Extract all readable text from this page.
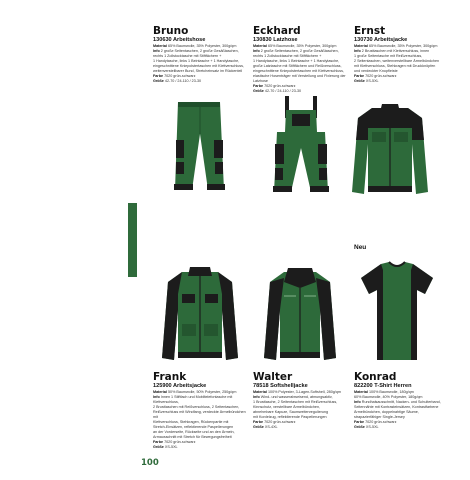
Bruno
130630 Arbeitshose
Material 65% Baumwolle, 35% Polyester, 300g/qm
Info 2 große Seitentaschen, 2 große Gesäßtaschen,
rechts 1 Zollstocktasche mit Stiftfächern +
1 Handytasche, links 1 Beintasche + 1 Handytasche,
eingeschnittene Kniepolstertaschen mit Klettverschluss,
weitenverstellbarer Bund, Stretcheinsatz im Rückenteil
Farbe 7020 grün-schwarz
Größe 42-70 / 24-110 / 23-30
Eckhard
130830 Latzhose
Material 65% Baumwolle, 35% Polyester, 300g/qm
Info 2 große Seitentaschen, 2 große Gesäßtaschen,
rechts 1 Zollstocktasche mit Stiftfächern +
1 Handytasche, links 1 Beintasche + 1 Handytasche,
große Latztasche mit Stiftfächern und Reißverschluss,
eingeschnittene Kniepolstertaschen mit Klettverschluss,
elastische Hosenträger mit Verstellung und Fixierung der
Latzhose
Farbe 7020 grün-schwarz
Größe 42-70 / 24-110 / 23-30
Ernst
130730 Arbeitsjacke
Material 65% Baumwolle, 35% Polyester, 300g/qm
Info 2 Brusttaschen mit Klettverschluss, innen
1 große Seitentasche mit Reißverschluss,
2 Seitentaschen, weitenverstellbare Ärmelbündchen
mit Klettverschluss, Stehkragen mit Druckknöpfen
und verdeckter Knopfleiste
Farbe 7020 grün-schwarz
Größe XS-5XL
Frank
125900 Arbeitsjacke
Material 50% Baumwolle, 50% Polyester, 250g/qm
Info Innen 1 Stiftfach und Mobiltelefontasche mit Klettverschluss,
2 Brusttaschen mit Reißverschluss, 2 Seitentaschen,
Reißverschluss mit Windfang, verdeckte Ärmelbündchen mit
Klettverschluss, Stehkragen, Rückenpartie mit
Stretch-Einsätzen, reflektierende Paspelierungen
an der Vorderseite, Rückseite und an den Ärmeln,
Armausschnitt mit Stretch für Bewegungsfreiheit
Farbe 7020 grün-schwarz
Größe XS-5XL
Walter
78518 Softshelljacke
Material 100% Polyester, 3-Lagen-Softshell, 280g/qm
Info Wind- und wasserabweisend, atmungsaktiv,
1 Brusttasche, 2 Seitentaschen mit Reißverschluss,
Kinnschutz, verstellbare Ärmelbündchen,
abnehmbare Kapuze, Saumweitenregulierung
mit Kordelzug, reflektierende Paspelierungen
Farbe 7020 grün-schwarz
Größe XS-4XL
Konrad
822200 T-Shirt Herren
Material 100% Baumwolle, 180g/qm
60% Baumwolle, 40% Polyester, 180g/qm
Info Rundhalsausschnitt, Nacken- und Schulterband,
Seitennähte mit Kontrasteinsätzen, Kontrastfarbene
Ärmelbündchen, doppelnahtige Säume,
strapazierfähiger Single-Jersey
Farbe 7020 grün-schwarz
Größe XS-5XL
Neu
100
